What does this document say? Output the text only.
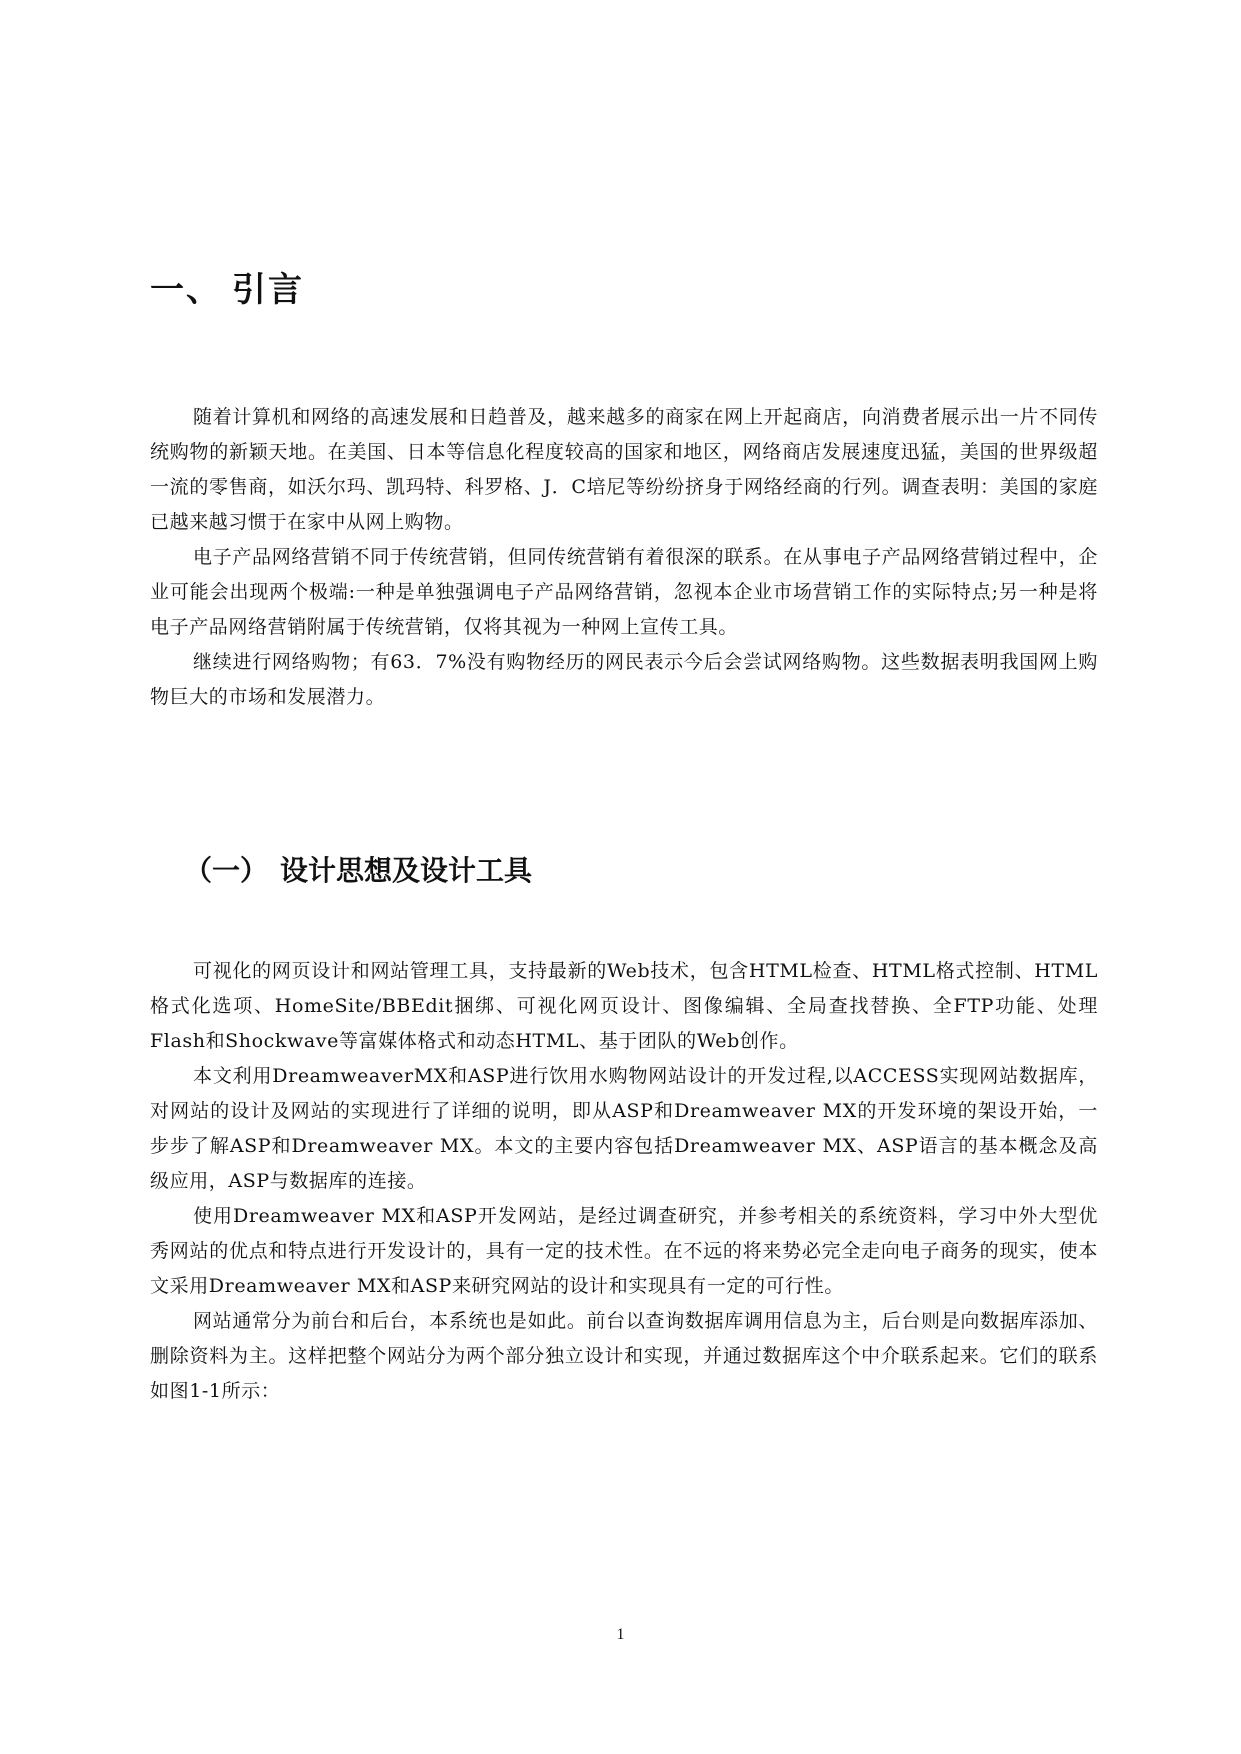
一、 引言

随着计算机和网络的高速发展和日趋普及，越来越多的商家在网上开起商店，向消费者展示出一片不同传统购物的新颖天地。在美国、日本等信息化程度较高的国家和地区，网络商店发展速度迅猛，美国的世界级超一流的零售商，如沃尔玛、凯玛特、科罗格、J．C培尼等纷纷挤身于网络经商的行列。调查表明：美国的家庭已越来越习惯于在家中从网上购物。

电子产品网络营销不同于传统营销，但同传统营销有着很深的联系。在从事电子产品网络营销过程中，企业可能会出现两个极端:一种是单独强调电子产品网络营销，忽视本企业市场营销工作的实际特点;另一种是将电子产品网络营销附属于传统营销，仅将其视为一种网上宣传工具。

继续进行网络购物；有63．7%没有购物经历的网民表示今后会尝试网络购物。这些数据表明我国网上购物巨大的市场和发展潜力。

（一） 设计思想及设计工具

可视化的网页设计和网站管理工具，支持最新的Web技术，包含HTML检查、HTML格式控制、HTML格式化选项、HomeSite/BBEdit捆绑、可视化网页设计、图像编辑、全局查找替换、全FTP功能、处理Flash和Shockwave等富媒体格式和动态HTML、基于团队的Web创作。

本文利用DreamweaverMX和ASP进行饮用水购物网站设计的开发过程,以ACCESS实现网站数据库，对网站的设计及网站的实现进行了详细的说明，即从ASP和Dreamweaver MX的开发环境的架设开始，一步步了解ASP和Dreamweaver MX。本文的主要内容包括Dreamweaver MX、ASP语言的基本概念及高级应用，ASP与数据库的连接。

使用Dreamweaver MX和ASP开发网站，是经过调查研究，并参考相关的系统资料，学习中外大型优秀网站的优点和特点进行开发设计的，具有一定的技术性。在不远的将来势必完全走向电子商务的现实，使本文采用Dreamweaver MX和ASP来研究网站的设计和实现具有一定的可行性。

网站通常分为前台和后台，本系统也是如此。前台以查询数据库调用信息为主，后台则是向数据库添加、删除资料为主。这样把整个网站分为两个部分独立设计和实现，并通过数据库这个中介联系起来。它们的联系如图1-1所示：

1
